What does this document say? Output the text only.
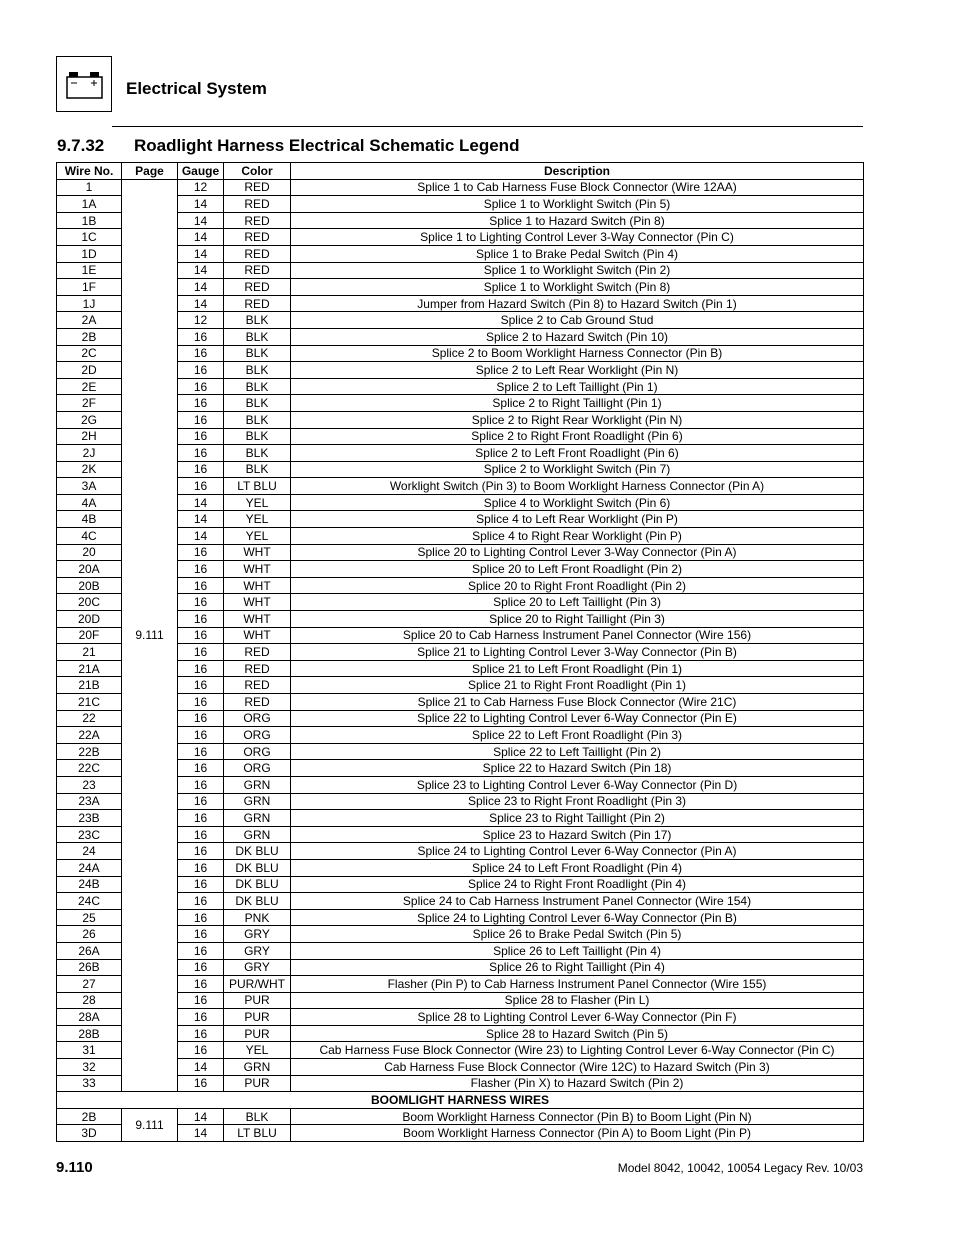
Electrical System
9.7.32 Roadlight Harness Electrical Schematic Legend
Wire No.	Page	Gauge	Color	Description
1	9.111	12	RED	Splice 1 to Cab Harness Fuse Block Connector (Wire 12AA)
1A		14	RED	Splice 1 to Worklight Switch (Pin 5)
1B		14	RED	Splice 1 to Hazard Switch (Pin 8)
1C		14	RED	Splice 1 to Lighting Control Lever 3-Way Connector (Pin C)
1D		14	RED	Splice 1 to Brake Pedal Switch (Pin 4)
1E		14	RED	Splice 1 to Worklight Switch (Pin 2)
1F		14	RED	Splice 1 to Worklight Switch (Pin 8)
1J		14	RED	Jumper from Hazard Switch (Pin 8) to Hazard Switch (Pin 1)
2A		12	BLK	Splice 2 to Cab Ground Stud
2B		16	BLK	Splice 2 to Hazard Switch (Pin 10)
2C		16	BLK	Splice 2 to Boom Worklight Harness Connector (Pin B)
2D		16	BLK	Splice 2 to Left Rear Worklight (Pin N)
2E		16	BLK	Splice 2 to Left Taillight (Pin 1)
2F		16	BLK	Splice 2 to Right Taillight (Pin 1)
2G		16	BLK	Splice 2 to Right Rear Worklight (Pin N)
2H		16	BLK	Splice 2 to Right Front Roadlight (Pin 6)
2J		16	BLK	Splice 2 to Left Front Roadlight (Pin 6)
2K		16	BLK	Splice 2 to Worklight Switch (Pin 7)
3A		16	LT BLU	Worklight Switch (Pin 3) to Boom Worklight Harness Connector (Pin A)
4A		14	YEL	Splice 4 to Worklight Switch (Pin 6)
4B		14	YEL	Splice 4 to Left Rear Worklight (Pin P)
4C		14	YEL	Splice 4 to Right Rear Worklight (Pin P)
20		16	WHT	Splice 20 to Lighting Control Lever 3-Way Connector (Pin A)
20A		16	WHT	Splice 20 to Left Front Roadlight (Pin 2)
20B		16	WHT	Splice 20 to Right Front Roadlight (Pin 2)
20C		16	WHT	Splice 20 to Left Taillight (Pin 3)
20D		16	WHT	Splice 20 to Right Taillight (Pin 3)
20F		16	WHT	Splice 20 to Cab Harness Instrument Panel Connector (Wire 156)
21		16	RED	Splice 21 to Lighting Control Lever 3-Way Connector (Pin B)
21A		16	RED	Splice 21 to Left Front Roadlight (Pin 1)
21B		16	RED	Splice 21 to Right Front Roadlight (Pin 1)
21C		16	RED	Splice 21 to Cab Harness Fuse Block Connector (Wire 21C)
22		16	ORG	Splice 22 to Lighting Control Lever 6-Way Connector (Pin E)
22A		16	ORG	Splice 22 to Left Front Roadlight (Pin 3)
22B		16	ORG	Splice 22 to Left Taillight (Pin 2)
22C		16	ORG	Splice 22 to Hazard Switch (Pin 18)
23		16	GRN	Splice 23 to Lighting Control Lever 6-Way Connector (Pin D)
23A		16	GRN	Splice 23 to Right Front Roadlight (Pin 3)
23B		16	GRN	Splice 23 to Right Taillight (Pin 2)
23C		16	GRN	Splice 23 to Hazard Switch (Pin 17)
24		16	DK BLU	Splice 24 to Lighting Control Lever 6-Way Connector (Pin A)
24A		16	DK BLU	Splice 24 to Left Front Roadlight (Pin 4)
24B		16	DK BLU	Splice 24 to Right Front Roadlight (Pin 4)
24C		16	DK BLU	Splice 24 to Cab Harness Instrument Panel Connector (Wire 154)
25		16	PNK	Splice 24 to Lighting Control Lever 6-Way Connector (Pin B)
26		16	GRY	Splice 26 to Brake Pedal Switch (Pin 5)
26A		16	GRY	Splice 26 to Left Taillight (Pin 4)
26B		16	GRY	Splice 26 to Right Taillight (Pin 4)
27		16	PUR/WHT	Flasher (Pin P) to Cab Harness Instrument Panel Connector (Wire 155)
28		16	PUR	Splice 28 to Flasher (Pin L)
28A		16	PUR	Splice 28 to Lighting Control Lever 6-Way Connector (Pin F)
28B		16	PUR	Splice 28 to Hazard Switch (Pin 5)
31		16	YEL	Cab Harness Fuse Block Connector (Wire 23) to Lighting Control Lever 6-Way Connector (Pin C)
32		14	GRN	Cab Harness Fuse Block Connector (Wire 12C) to Hazard Switch (Pin 3)
33		16	PUR	Flasher (Pin X) to Hazard Switch (Pin 2)
BOOMLIGHT HARNESS WIRES				
2B	9.111	14	BLK	Boom Worklight Harness Connector (Pin B) to Boom Light (Pin N)
3D		14	LT BLU	Boom Worklight Harness Connector (Pin A) to Boom Light (Pin P)
9.110	Model 8042, 10042, 10054 Legacy Rev. 10/03
